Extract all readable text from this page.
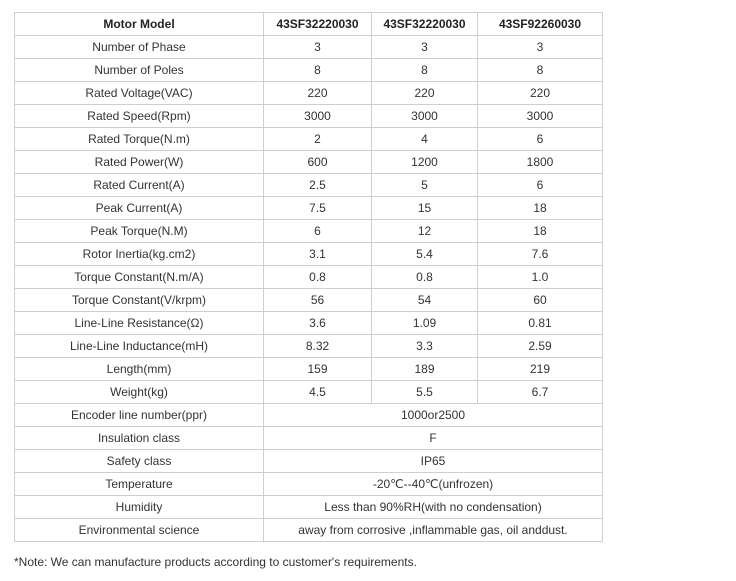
Motor Model	43SF32220030	43SF32220030	43SF92260030
Number of Phase	3	3	3
Number of Poles	8	8	8
Rated Voltage(VAC)	220	220	220
Rated Speed(Rpm)	3000	3000	3000
Rated Torque(N.m)	2	4	6
Rated Power(W)	600	1200	1800
Rated Current(A)	2.5	5	6
Peak Current(A)	7.5	15	18
Peak Torque(N.M)	6	12	18
Rotor Inertia(kg.cm2)	3.1	5.4	7.6
Torque Constant(N.m/A)	0.8	0.8	1.0
Torque Constant(V/krpm)	56	54	60
Line-Line Resistance(Ω)	3.6	1.09	0.81
Line-Line Inductance(mH)	8.32	3.3	2.59
Length(mm)	159	189	219
Weight(kg)	4.5	5.5	6.7
Encoder line number(ppr)	1000or2500		
Insulation class	F		
Safety class	IP65		
Temperature	-20℃--40℃(unfrozen)		
Humidity	Less than 90%RH(with no condensation)		
Environmental science	away from corrosive ,inflammable gas, oil anddust.		
*Note: We can manufacture products according to customer's requirements.
